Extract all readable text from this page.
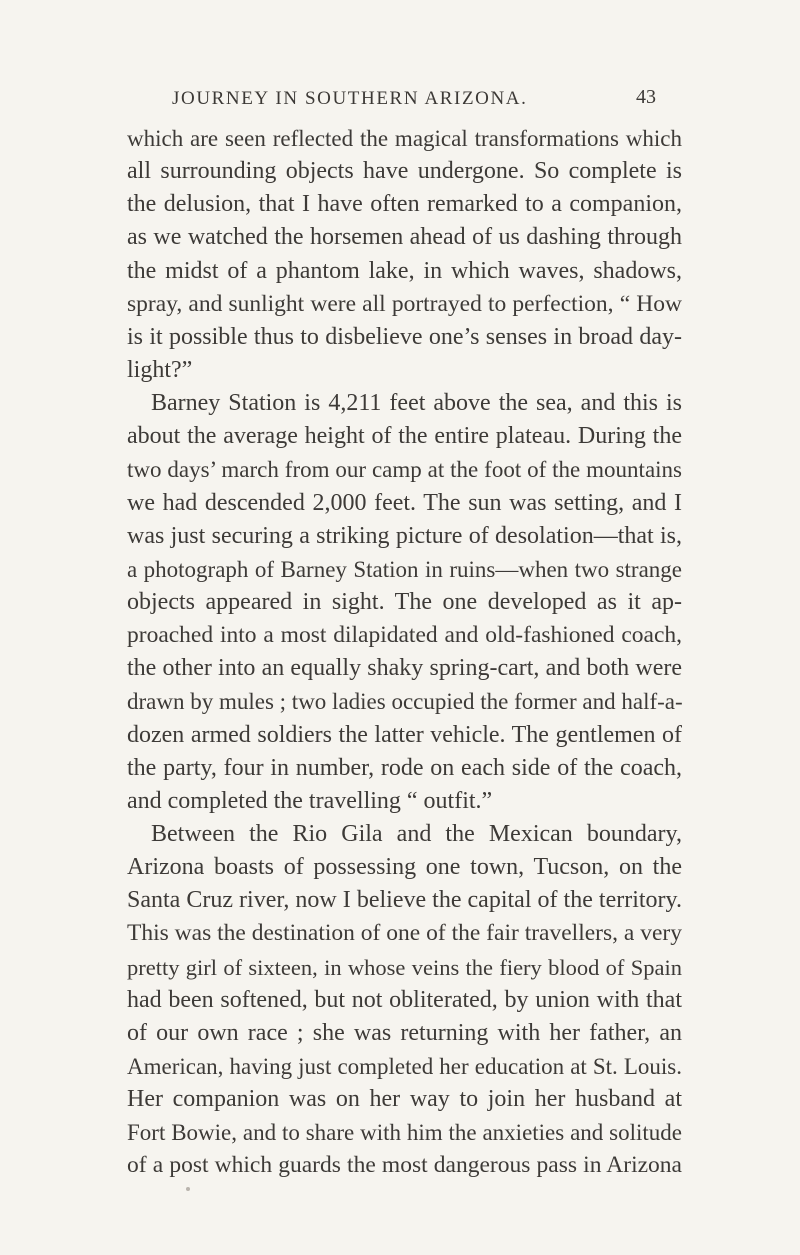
JOURNEY IN SOUTHERN ARIZONA.	43
which are seen reflected the magical transformations which
all surrounding objects have undergone. So complete is
the delusion, that I have often remarked to a companion,
as we watched the horsemen ahead of us dashing through
the midst of a phantom lake, in which waves, shadows,
spray, and sunlight were all portrayed to perfection, “ How
is it possible thus to disbelieve one’s senses in broad day-
light?”
Barney Station is 4,211 feet above the sea, and this is
about the average height of the entire plateau. During the
two days’ march from our camp at the foot of the mountains
we had descended 2,000 feet. The sun was setting, and I
was just securing a striking picture of desolation—that is,
a photograph of Barney Station in ruins—when two strange
objects appeared in sight. The one developed as it ap-
proached into a most dilapidated and old-fashioned coach,
the other into an equally shaky spring-cart, and both were
drawn by mules ; two ladies occupied the former and half-a-
dozen armed soldiers the latter vehicle. The gentlemen of
the party, four in number, rode on each side of the coach,
and completed the travelling “ outfit.”
Between the Rio Gila and the Mexican boundary,
Arizona boasts of possessing one town, Tucson, on the
Santa Cruz river, now I believe the capital of the territory.
This was the destination of one of the fair travellers, a very
pretty girl of sixteen, in whose veins the fiery blood of Spain
had been softened, but not obliterated, by union with that
of our own race ; she was returning with her father, an
American, having just completed her education at St. Louis.
Her companion was on her way to join her husband at
Fort Bowie, and to share with him the anxieties and solitude
of a post which guards the most dangerous pass in Arizona
